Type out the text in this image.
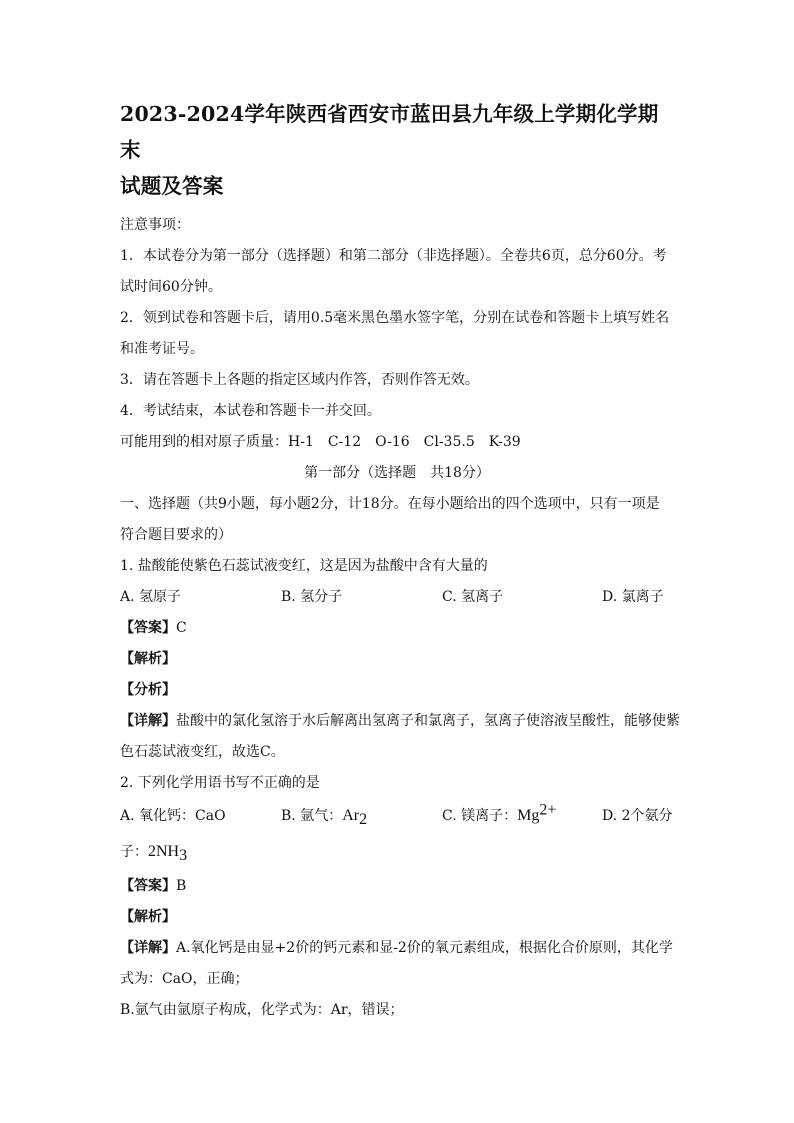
2023-2024学年陕西省西安市蓝田县九年级上学期化学期末
试题及答案
注意事项：
1．本试卷分为第一部分（选择题）和第二部分（非选择题）。全卷共6页，总分60分。考
试时间60分钟。
2．领到试卷和答题卡后，请用0.5毫米黑色墨水签字笔，分别在试卷和答题卡上填写姓名
和准考证号。
3．请在答题卡上各题的指定区域内作答，否则作答无效。
4．考试结束，本试卷和答题卡一并交回。
可能用到的相对原子质量：H-1　C-12　O-16　Cl-35.5　K-39
第一部分（选择题　共18分）
一、选择题（共9小题，每小题2分，计18分。在每小题给出的四个选项中，只有一项是
符合题目要求的）
1. 盐酸能使紫色石蕊试液变红，这是因为盐酸中含有大量的
A. 氢原子	B. 氢分子	C. 氢离子	D. 氯离子
【答案】C
【解析】
【分析】
【详解】盐酸中的氯化氢溶于水后解离出氢离子和氯离子，氢离子使溶液呈酸性，能够使紫
色石蕊试液变红，故选C。
2. 下列化学用语书写不正确的是
A. 氧化钙：CaO	B. 氩气：$Ar_2$	C. 镁离子：$Mg^{2+}$	D. 2个氨分
子：$2NH_3$
【答案】B
【解析】
【详解】A.氧化钙是由显+2价的钙元素和显-2价的氧元素组成，根据化合价原则，其化学
式为：CaO，正确；
B.氩气由氩原子构成，化学式为：Ar，错误；
